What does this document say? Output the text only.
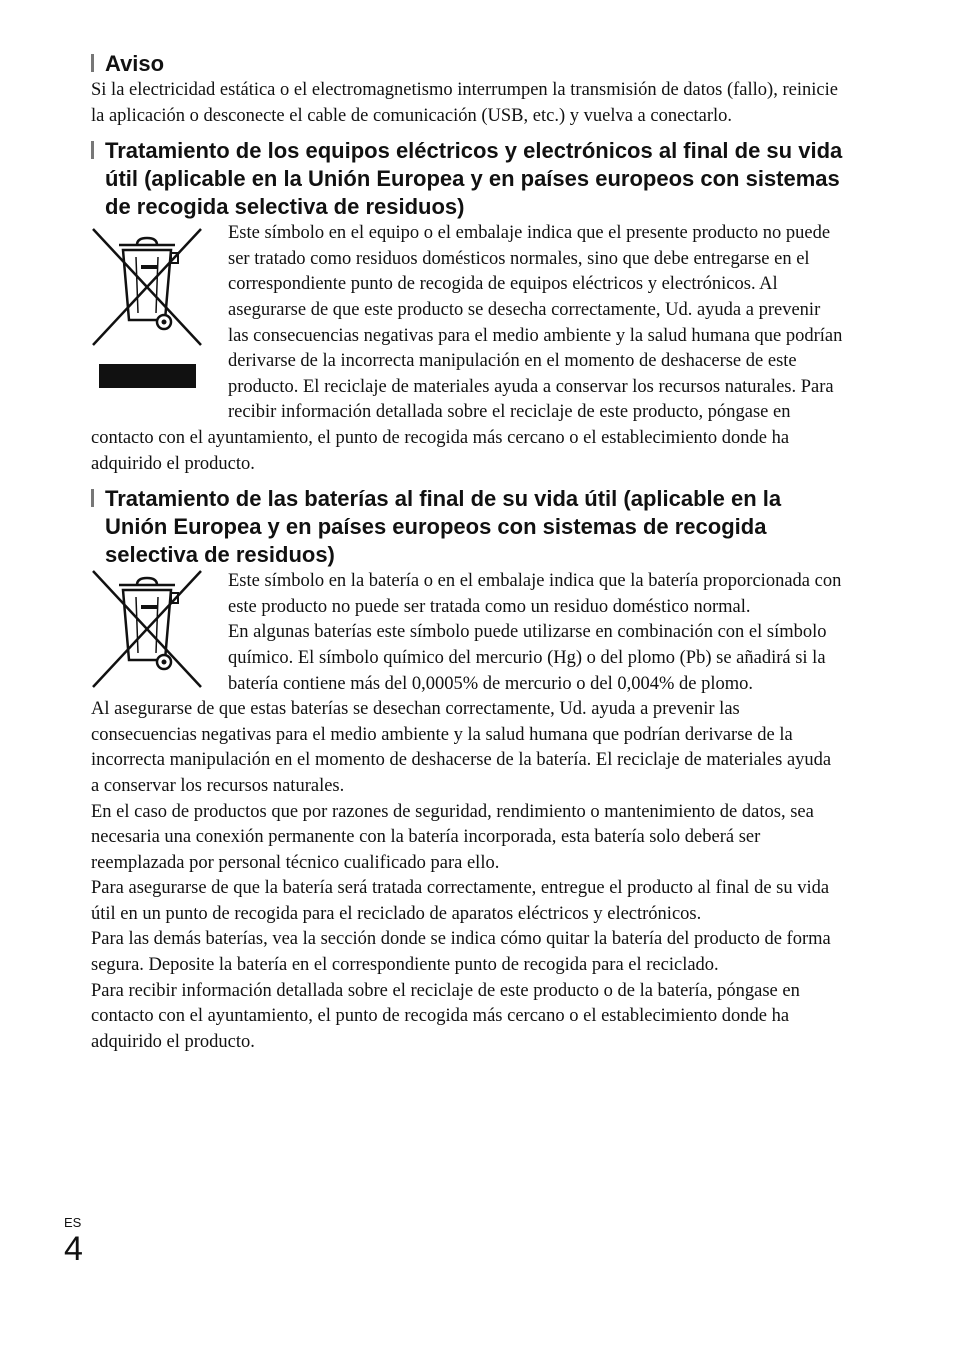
Aviso

Si la electricidad estática o el electromagnetismo interrumpen la transmisión de datos (fallo), reinicie la aplicación o desconecte el cable de comunicación (USB, etc.) y vuelva a conectarlo.

Tratamiento de los equipos eléctricos y electrónicos al final de su vida útil (aplicable en la Unión Europea y en países europeos con sistemas de recogida selectiva de residuos)

Este símbolo en el equipo o el embalaje indica que el presente producto no puede ser tratado como residuos domésticos normales, sino que debe entregarse en el correspondiente punto de recogida de equipos eléctricos y electrónicos. Al asegurarse de que este producto se desecha correctamente, Ud. ayuda a prevenir las consecuencias negativas para el medio ambiente y la salud humana que podrían derivarse de la incorrecta manipulación en el momento de deshacerse de este producto. El reciclaje de materiales ayuda a conservar los recursos naturales. Para recibir información detallada sobre el reciclaje de este producto, póngase en contacto con el ayuntamiento, el punto de recogida más cercano o el establecimiento donde ha adquirido el producto.

Tratamiento de las baterías al final de su vida útil (aplicable en la Unión Europea y en países europeos con sistemas de recogida selectiva de residuos)

Este símbolo en la batería o en el embalaje indica que la batería proporcionada con este producto no puede ser tratada como un residuo doméstico normal.

En algunas baterías este símbolo puede utilizarse en combinación con el símbolo químico. El símbolo químico del mercurio (Hg) o del plomo (Pb) se añadirá si la batería contiene más del 0,0005% de mercurio o del 0,004% de plomo.

Al asegurarse de que estas baterías se desechan correctamente, Ud. ayuda a prevenir las consecuencias negativas para el medio ambiente y la salud humana que podrían derivarse de la incorrecta manipulación en el momento de deshacerse de la batería. El reciclaje de materiales ayuda a conservar los recursos naturales.

En el caso de productos que por razones de seguridad, rendimiento o mantenimiento de datos, sea necesaria una conexión permanente con la batería incorporada, esta batería solo deberá ser reemplazada por personal técnico cualificado para ello.

Para asegurarse de que la batería será tratada correctamente, entregue el producto al final de su vida útil en un punto de recogida para el reciclado de aparatos eléctricos y electrónicos.

Para las demás baterías, vea la sección donde se indica cómo quitar la batería del producto de forma segura. Deposite la batería en el correspondiente punto de recogida para el reciclado.

Para recibir información detallada sobre el reciclaje de este producto o de la batería, póngase en contacto con el ayuntamiento, el punto de recogida más cercano o el establecimiento donde ha adquirido el producto.

ES
4
